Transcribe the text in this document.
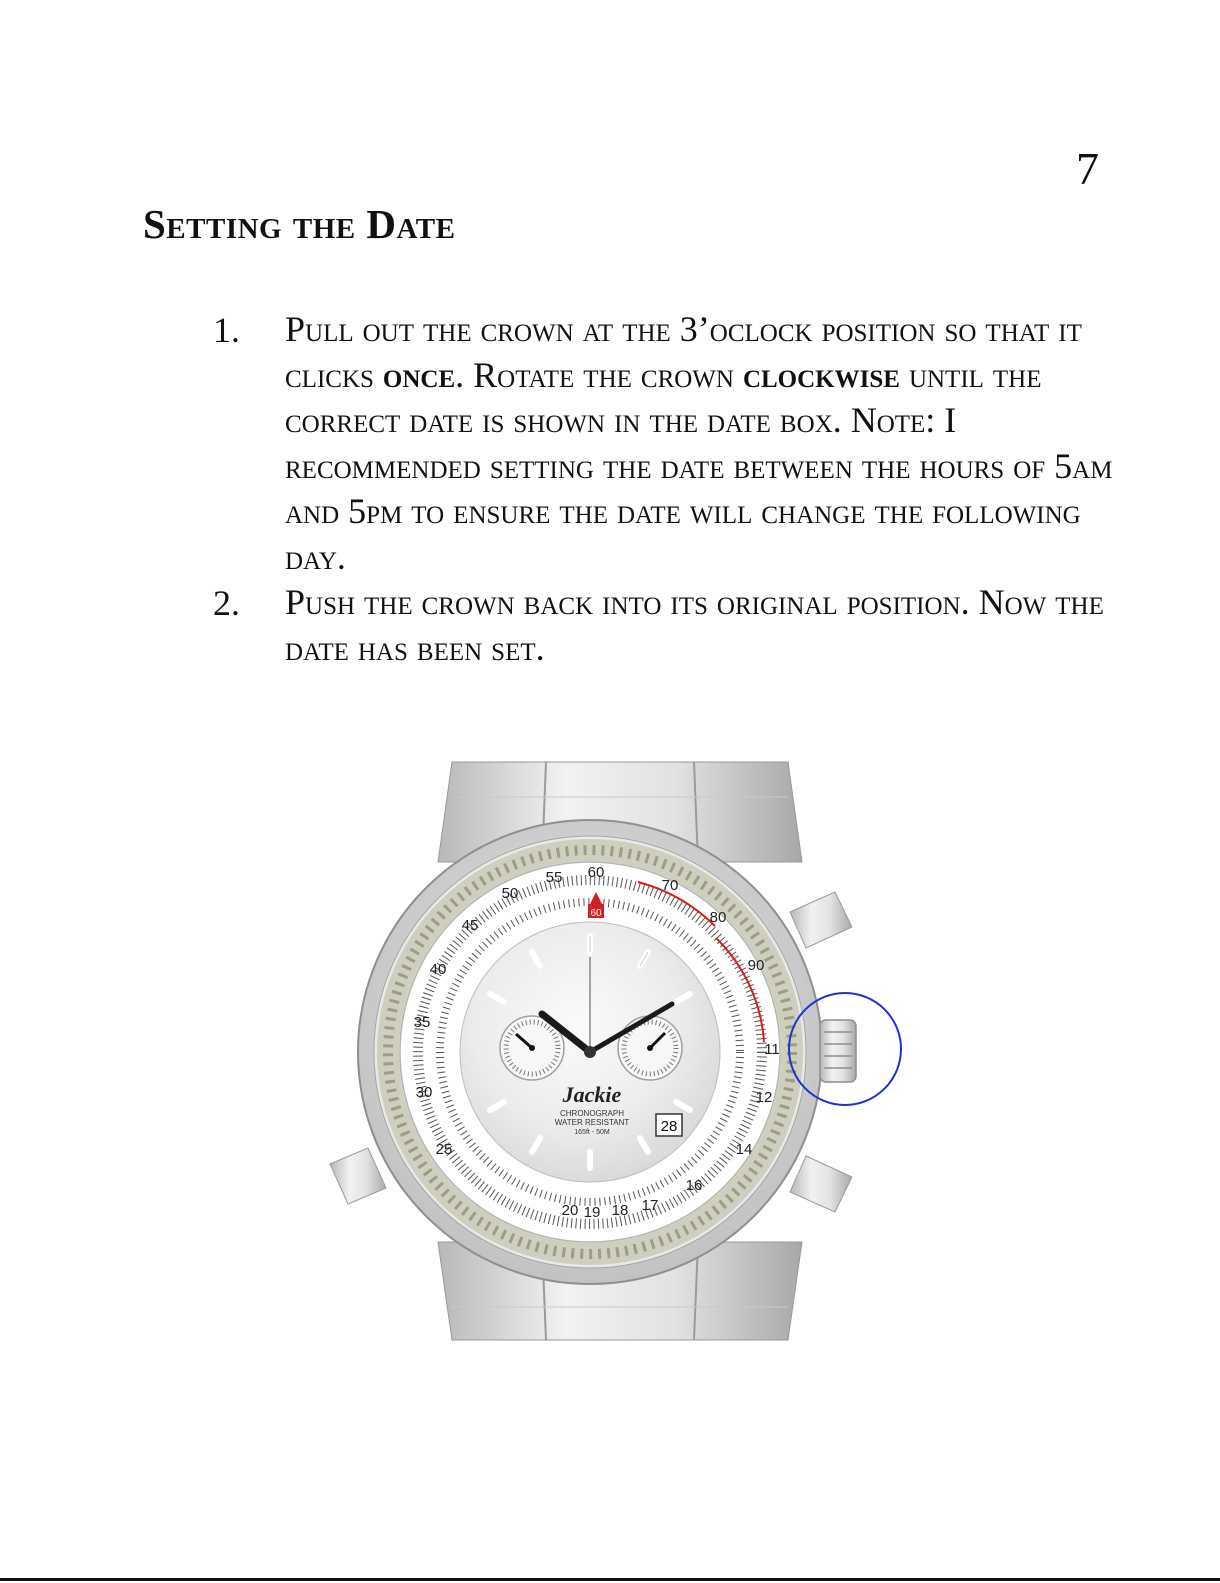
7
Setting the Date
1. Pull out the crown at the 3’oclock position so that it clicks once. Rotate the crown clockwise until the correct date is shown in the date box. Note: I recommended setting the date between the hours of 5am and 5pm to ensure the date will change the following day.
2. Push the crown back into its original position. Now the date has been set.
60
55
50
45
40
35
30
25
70
80
90
11
12
14
16
17
18
19
20
60
Jackie
CHRONOGRAPH
WATER RESISTANT
165ft - 50M	28
